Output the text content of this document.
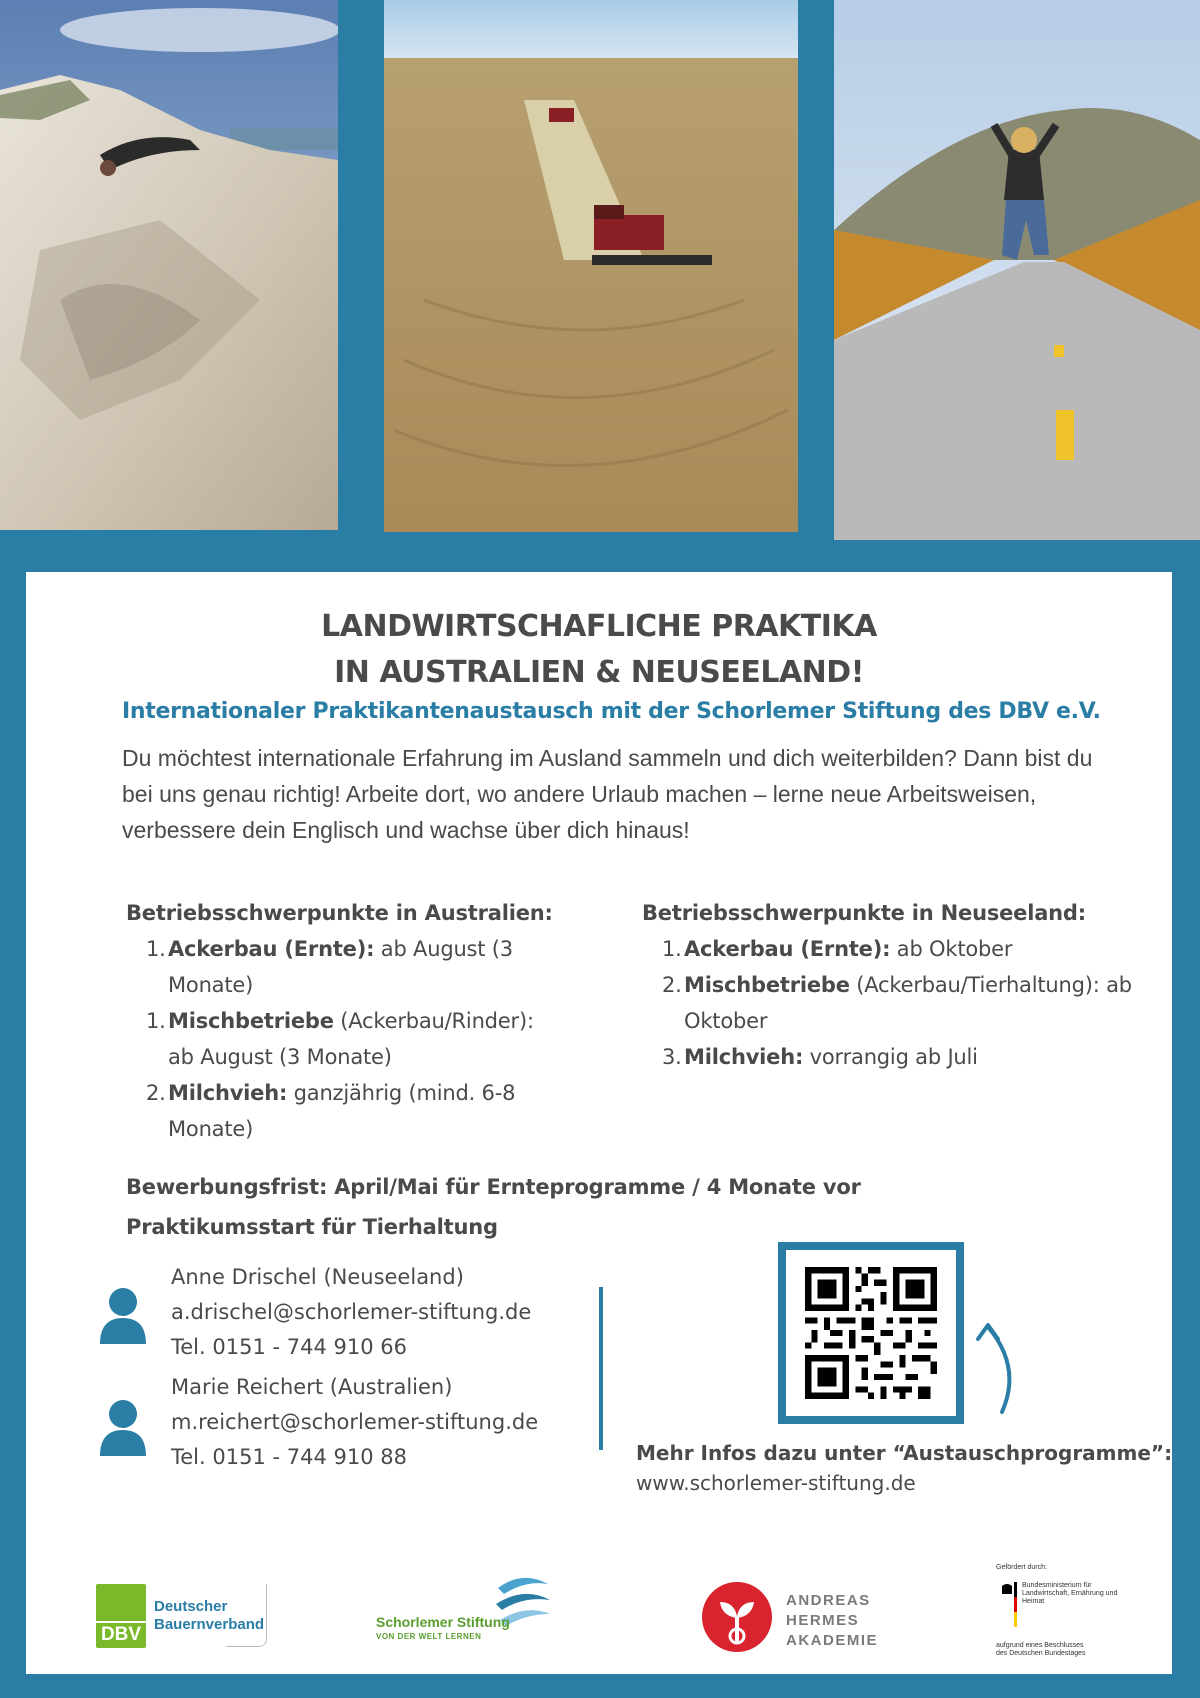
LANDWIRTSCHAFLICHE PRAKTIKA
IN AUSTRALIEN & NEUSEELAND!
Internationaler Praktikantenaustausch mit der Schorlemer Stiftung des DBV e.V.
Du möchtest internationale Erfahrung im Ausland sammeln und dich weiterbilden? Dann bist du bei uns genau richtig! Arbeite dort, wo andere Urlaub machen – lerne neue Arbeitsweisen, verbessere dein Englisch und wachse über dich hinaus!
Betriebsschwerpunkte in Australien:
1. Ackerbau (Ernte): ab August (3 Monate)
1. Mischbetriebe (Ackerbau/Rinder): ab August (3 Monate)
2. Milchvieh: ganzjährig (mind. 6-8 Monate)
Betriebsschwerpunkte in Neuseeland:
1. Ackerbau (Ernte): ab Oktober
2. Mischbetriebe (Ackerbau/Tierhaltung): ab Oktober
3. Milchvieh: vorrangig ab Juli
Bewerbungsfrist: April/Mai für Ernteprogramme / 4 Monate vor Praktikumsstart für Tierhaltung
Anne Drischel (Neuseeland)
a.drischel@schorlemer-stiftung.de
Tel. 0151 - 744 910 66
Marie Reichert (Australien)
m.reichert@schorlemer-stiftung.de
Tel. 0151 - 744 910 88	Mehr Infos dazu unter “Austauschprogramme”:
www.schorlemer-stiftung.de
DBV
Deutscher
Bauernverband	Schorlemer Stiftung
VON DER WELT LERNEN
ANDREAS
HERMES
AKADEMIE
Gefördert durch:
Bundesministerium für Landwirtschaft, Ernährung und Heimat
aufgrund eines Beschlusses des Deutschen Bundestages
